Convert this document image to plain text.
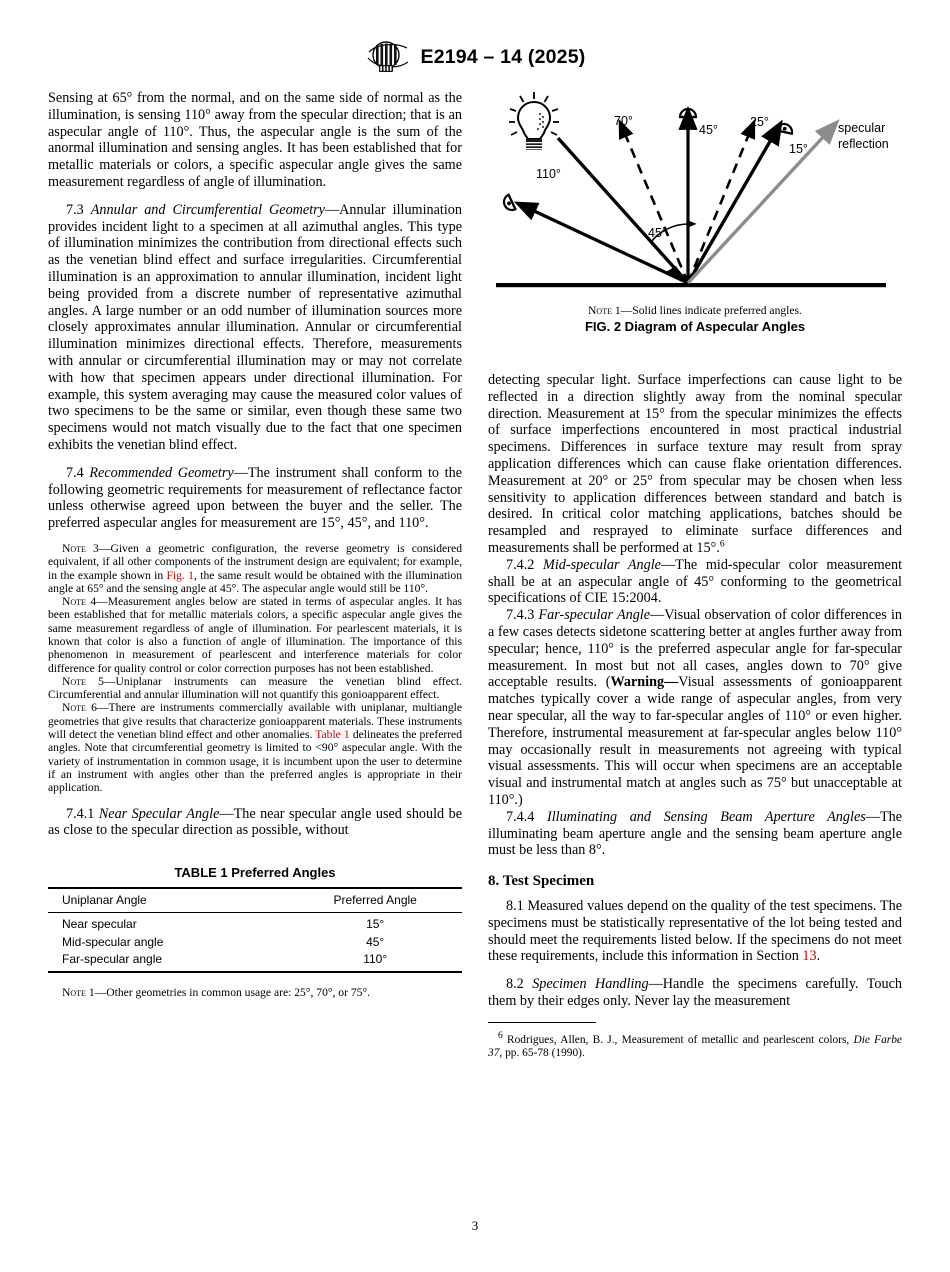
E2194 – 14 (2025)

Sensing at 65° from the normal, and on the same side of normal as the illumination, is sensing 110° away from the specular direction; that is an aspecular angle of 110°. Thus, the aspecular angle is the sum of the anormal illumination and sensing angles. It has been established that for metallic materials or colors, a specific aspecular angle gives the same measurement regardless of angle of illumination.

7.3 Annular and Circumferential Geometry—Annular illumination provides incident light to a specimen at all azimuthal angles. This type of illumination minimizes the contribution from directional effects such as the venetian blind effect and surface irregularities. Circumferential illumination is an approximation to annular illumination, incident light being provided from a discrete number of representative azimuthal angles. A large number or an odd number of illumination sources more closely approximates annular illumination. Annular or circumferential illumination minimizes directional effects. Therefore, measurements with annular or circumferential illumination may or may not correlate with how that specimen appears under directional illumination. For example, this system averaging may cause the measured color values of two specimens to be the same or similar, even though these same two specimens would not match visually due to the fact that one specimen exhibits the venetian blind effect.

7.4 Recommended Geometry—The instrument shall conform to the following geometric requirements for measurement of reflectance factor unless otherwise agreed upon between the buyer and the seller. The preferred aspecular angles for measurement are 15°, 45°, and 110°.

Note 3—Given a geometric configuration, the reverse geometry is considered equivalent, if all other components of the instrument design are equivalent; for example, in the example shown in Fig. 1, the same result would be obtained with the illumination angle at 65° and the sensing angle at 45°. The aspecular angle would still be 110°.

Note 4—Measurement angles below are stated in terms of aspecular angles. It has been established that for metallic materials colors, a specific aspecular angle gives the same measurement regardless of angle of illumination. For pearlescent materials, it is known that color is also a function of angle of illumination. The importance of this phenomenon in measurement of pearlescent and interference materials for color difference for quality control or color correction purposes has not been established.

Note 5—Uniplanar instruments can measure the venetian blind effect. Circumferential and annular illumination will not quantify this gonioapparent effect.

Note 6—There are instruments commercially available with uniplanar, multiangle geometries that give results that characterize gonioapparent materials. These instruments will detect the venetian blind effect and other anomalies. Table 1 delineates the preferred angles. Note that circumferential geometry is limited to <90° aspecular angle. With the variety of instrumentation in common usage, it is incumbent upon the user to determine if an instrument with angles other than the preferred angles is appropriate in their application.

7.4.1 Near Specular Angle—The near specular angle used should be as close to the specular direction as possible, without

TABLE 1 Preferred Angles
Uniplanar Angle	Preferred Angle
Near specular	15°
Mid-specular angle	45°
Far-specular angle	110°

Note 1—Other geometries in common usage are: 25°, 70°, or 75°.

110°
70°
45°
45°
25°
15°
specular
reflection
Note 1—Solid lines indicate preferred angles.
FIG. 2 Diagram of Aspecular Angles

detecting specular light. Surface imperfections can cause light to be reflected in a direction slightly away from the nominal specular direction. Measurement at 15° from the specular minimizes the effects of surface imperfections encountered in most practical industrial specimens. Differences in surface texture may result from spray application differences which can cause flake orientation differences. Measurement at 20° or 25° from specular may be chosen when less sensitivity to application differences between standard and batch is desired. In critical color matching applications, batches should be resampled and resprayed to eliminate surface differences and measurements shall be performed at 15°.$^6$

7.4.2 Mid-specular Angle—The mid-specular color measurement shall be at an aspecular angle of 45° conforming to the geometrical specifications of CIE 15:2004.

7.4.3 Far-specular Angle—Visual observation of color differences in a few cases detects sidetone scattering better at angles further away from specular; hence, 110° is the preferred aspecular angle for far-specular measurement. In most but not all cases, angles down to 70° give acceptable results. (Warning—Visual assessments of gonioapparent matches typically cover a wide range of aspecular angles, from very near specular, all the way to far-specular angles of 110° or even higher. Therefore, instrumental measurement at far-specular angles below 110° may occasionally result in measurements not agreeing with typical visual assessments. This will occur when specimens are an acceptable visual and instrumental match at angles such as 75° but unacceptable at 110°.)

7.4.4 Illuminating and Sensing Beam Aperture Angles—The illuminating beam aperture angle and the sensing beam aperture angle must be less than 8°.

8. Test Specimen

8.1 Measured values depend on the quality of the test specimens. The specimens must be statistically representative of the lot being tested and should meet the requirements listed below. If the specimens do not meet these requirements, include this information in Section 13.

8.2 Specimen Handling—Handle the specimens carefully. Touch them by their edges only. Never lay the measurement

$^6$ Rodrigues, Allen, B. J., Measurement of metallic and pearlescent colors, Die Farbe 37, pp. 65-78 (1990).

3
